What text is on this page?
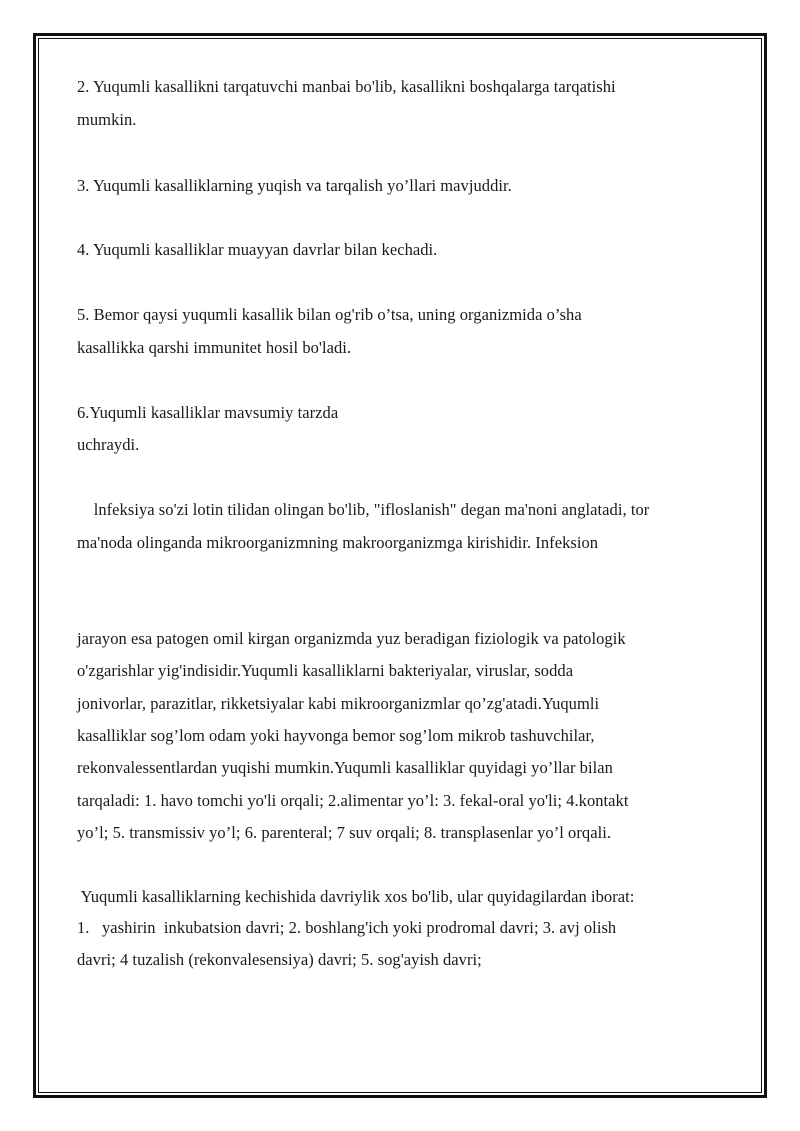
2. Yuqumli kasallikni tarqatuvchi manbai bo'lib, kasallikni boshqalarga tarqatishi
mumkin.
3. Yuqumli kasalliklarning yuqish va tarqalish yo’llari mavjuddir.
4. Yuqumli kasalliklar muayyan davrlar bilan kechadi.
5. Bemor qaysi yuqumli kasallik bilan og'rib o’tsa, uning organizmida o’sha
kasallikka qarshi immunitet hosil bo'ladi.
6.Yuqumli kasalliklar mavsumiy tarzda
uchraydi.
lnfeksiya so'zi lotin tilidan olingan bo'lib, "ifloslanish" degan ma'noni anglatadi, tor
ma'noda olinganda mikroorganizmning makroorganizmga kirishidir. Infeksion
jarayon esa patogen omil kirgan organizmda yuz beradigan fiziologik va patologik
o'zgarishlar yig'indisidir.Yuqumli kasalliklarni bakteriyalar, viruslar, sodda
jonivorlar, parazitlar, rikketsiyalar kabi mikroorganizmlar qo’zg'atadi.Yuqumli
kasalliklar sog’lom odam yoki hayvonga bemor sog’lom mikrob tashuvchilar,
rekonvalessentlardan yuqishi mumkin.Yuqumli kasalliklar quyidagi yo’llar bilan
tarqaladi: 1. havo tomchi yo'li orqali; 2.alimentar yo’l: 3. fekal-oral yo'li; 4.kontakt
yo’l; 5. transmissiv yo’l; 6. parenteral; 7 suv orqali; 8. transplasenlar yo’l orqali.
Yuqumli kasalliklarning kechishida davriylik xos bo'lib, ular quyidagilardan iborat:
1.   yashirin  inkubatsion davri; 2. boshlang'ich yoki prodromal davri; 3. avj olish
davri; 4 tuzalish (rekonvalesensiya) davri; 5. sog'ayish davri;
